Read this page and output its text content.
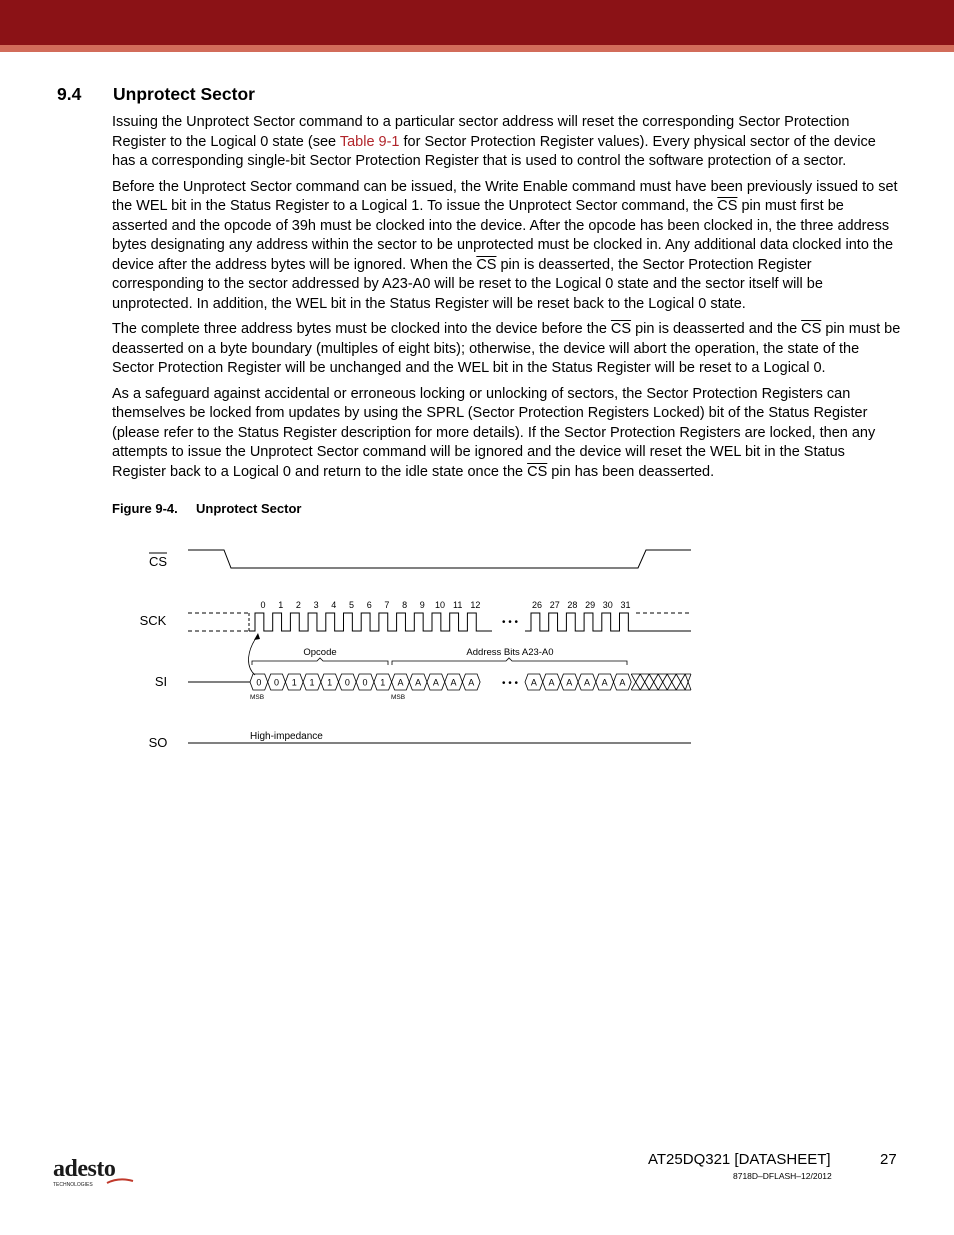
9.4 Unprotect Sector

Issuing the Unprotect Sector command to a particular sector address will reset the corresponding Sector Protection Register to the Logical 0 state (see Table 9-1 for Sector Protection Register values). Every physical sector of the device has a corresponding single-bit Sector Protection Register that is used to control the software protection of a sector.

Before the Unprotect Sector command can be issued, the Write Enable command must have been previously issued to set the WEL bit in the Status Register to a Logical 1. To issue the Unprotect Sector command, the $\overline{CS}$ pin must first be asserted and the opcode of 39h must be clocked into the device. After the opcode has been clocked in, the three address bytes designating any address within the sector to be unprotected must be clocked in. Any additional data clocked into the device after the address bytes will be ignored. When the $\overline{CS}$ pin is deasserted, the Sector Protection Register corresponding to the sector addressed by A23-A0 will be reset to the Logical 0 state and the sector itself will be unprotected. In addition, the WEL bit in the Status Register will be reset back to the Logical 0 state.

The complete three address bytes must be clocked into the device before the $\overline{CS}$ pin is deasserted and the $\overline{CS}$ pin must be deasserted on a byte boundary (multiples of eight bits); otherwise, the device will abort the operation, the state of the Sector Protection Register will be unchanged and the WEL bit in the Status Register will be reset to a Logical 0.

As a safeguard against accidental or erroneous locking or unlocking of sectors, the Sector Protection Registers can themselves be locked from updates by using the SPRL (Sector Protection Registers Locked) bit of the Status Register (please refer to the Status Register description for more details). If the Sector Protection Registers are locked, then any attempts to issue the Unprotect Sector command will be ignored and the device will reset the WEL bit in the Status Register back to a Logical 0 and return to the idle state once the $\overline{CS}$ pin has been deasserted.

Figure 9-4. Unprotect Sector
CS
SCK
SI
SO
• • •
0 1 2 3 4 5 6 7 8 9 10 11 12	26 27 28 29 30 31
Opcode	Address Bits A23-A0
0 0 1 1 1 0 0 1 A A A A A	• • • A A A A A A
MSB	MSB
High-impedance
adesto
TECHNOLOGIES
AT25DQ321 [DATASHEET]	27
8718D–DFLASH–12/2012
